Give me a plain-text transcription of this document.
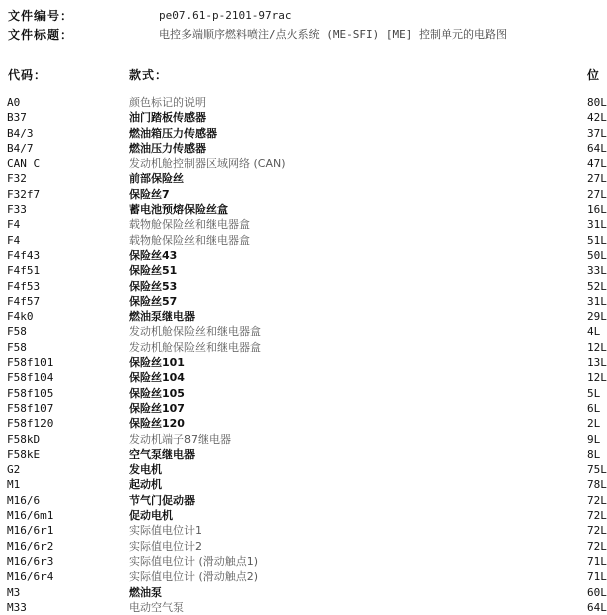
文件编号：	pe07.61-p-2101-97rac
文件标题：	电控多端顺序燃料喷注/点火系统 (ME-SFI) [ME] 控制单元的电路图
代码：	款式：	位
A0	颜色标记的说明	80L
B37	油门踏板传感器	42L
B4/3	燃油箱压力传感器	37L
B4/7	燃油压力传感器	64L
CAN C	发动机舱控制器区域网络 (CAN)	47L
F32	前部保险丝	27L
F32f7	保险丝7	27L
F33	蓄电池预熔保险丝盒	16L
F4	载物舱保险丝和继电器盒	31L
F4	载物舱保险丝和继电器盒	51L
F4f43	保险丝43	50L
F4f51	保险丝51	33L
F4f53	保险丝53	52L
F4f57	保险丝57	31L
F4k0	燃油泵继电器	29L
F58	发动机舱保险丝和继电器盒	4L
F58	发动机舱保险丝和继电器盒	12L
F58f101	保险丝101	13L
F58f104	保险丝104	12L
F58f105	保险丝105	5L
F58f107	保险丝107	6L
F58f120	保险丝120	2L
F58kD	发动机端子87继电器	9L
F58kE	空气泵继电器	8L
G2	发电机	75L
M1	起动机	78L
M16/6	节气门促动器	72L
M16/6m1	促动电机	72L
M16/6r1	实际值电位计1	72L
M16/6r2	实际值电位计2	72L
M16/6r3	实际值电位计 (滑动触点1)	71L
M16/6r4	实际值电位计 (滑动触点2)	71L
M3	燃油泵	60L
M33	电动空气泵	64L
